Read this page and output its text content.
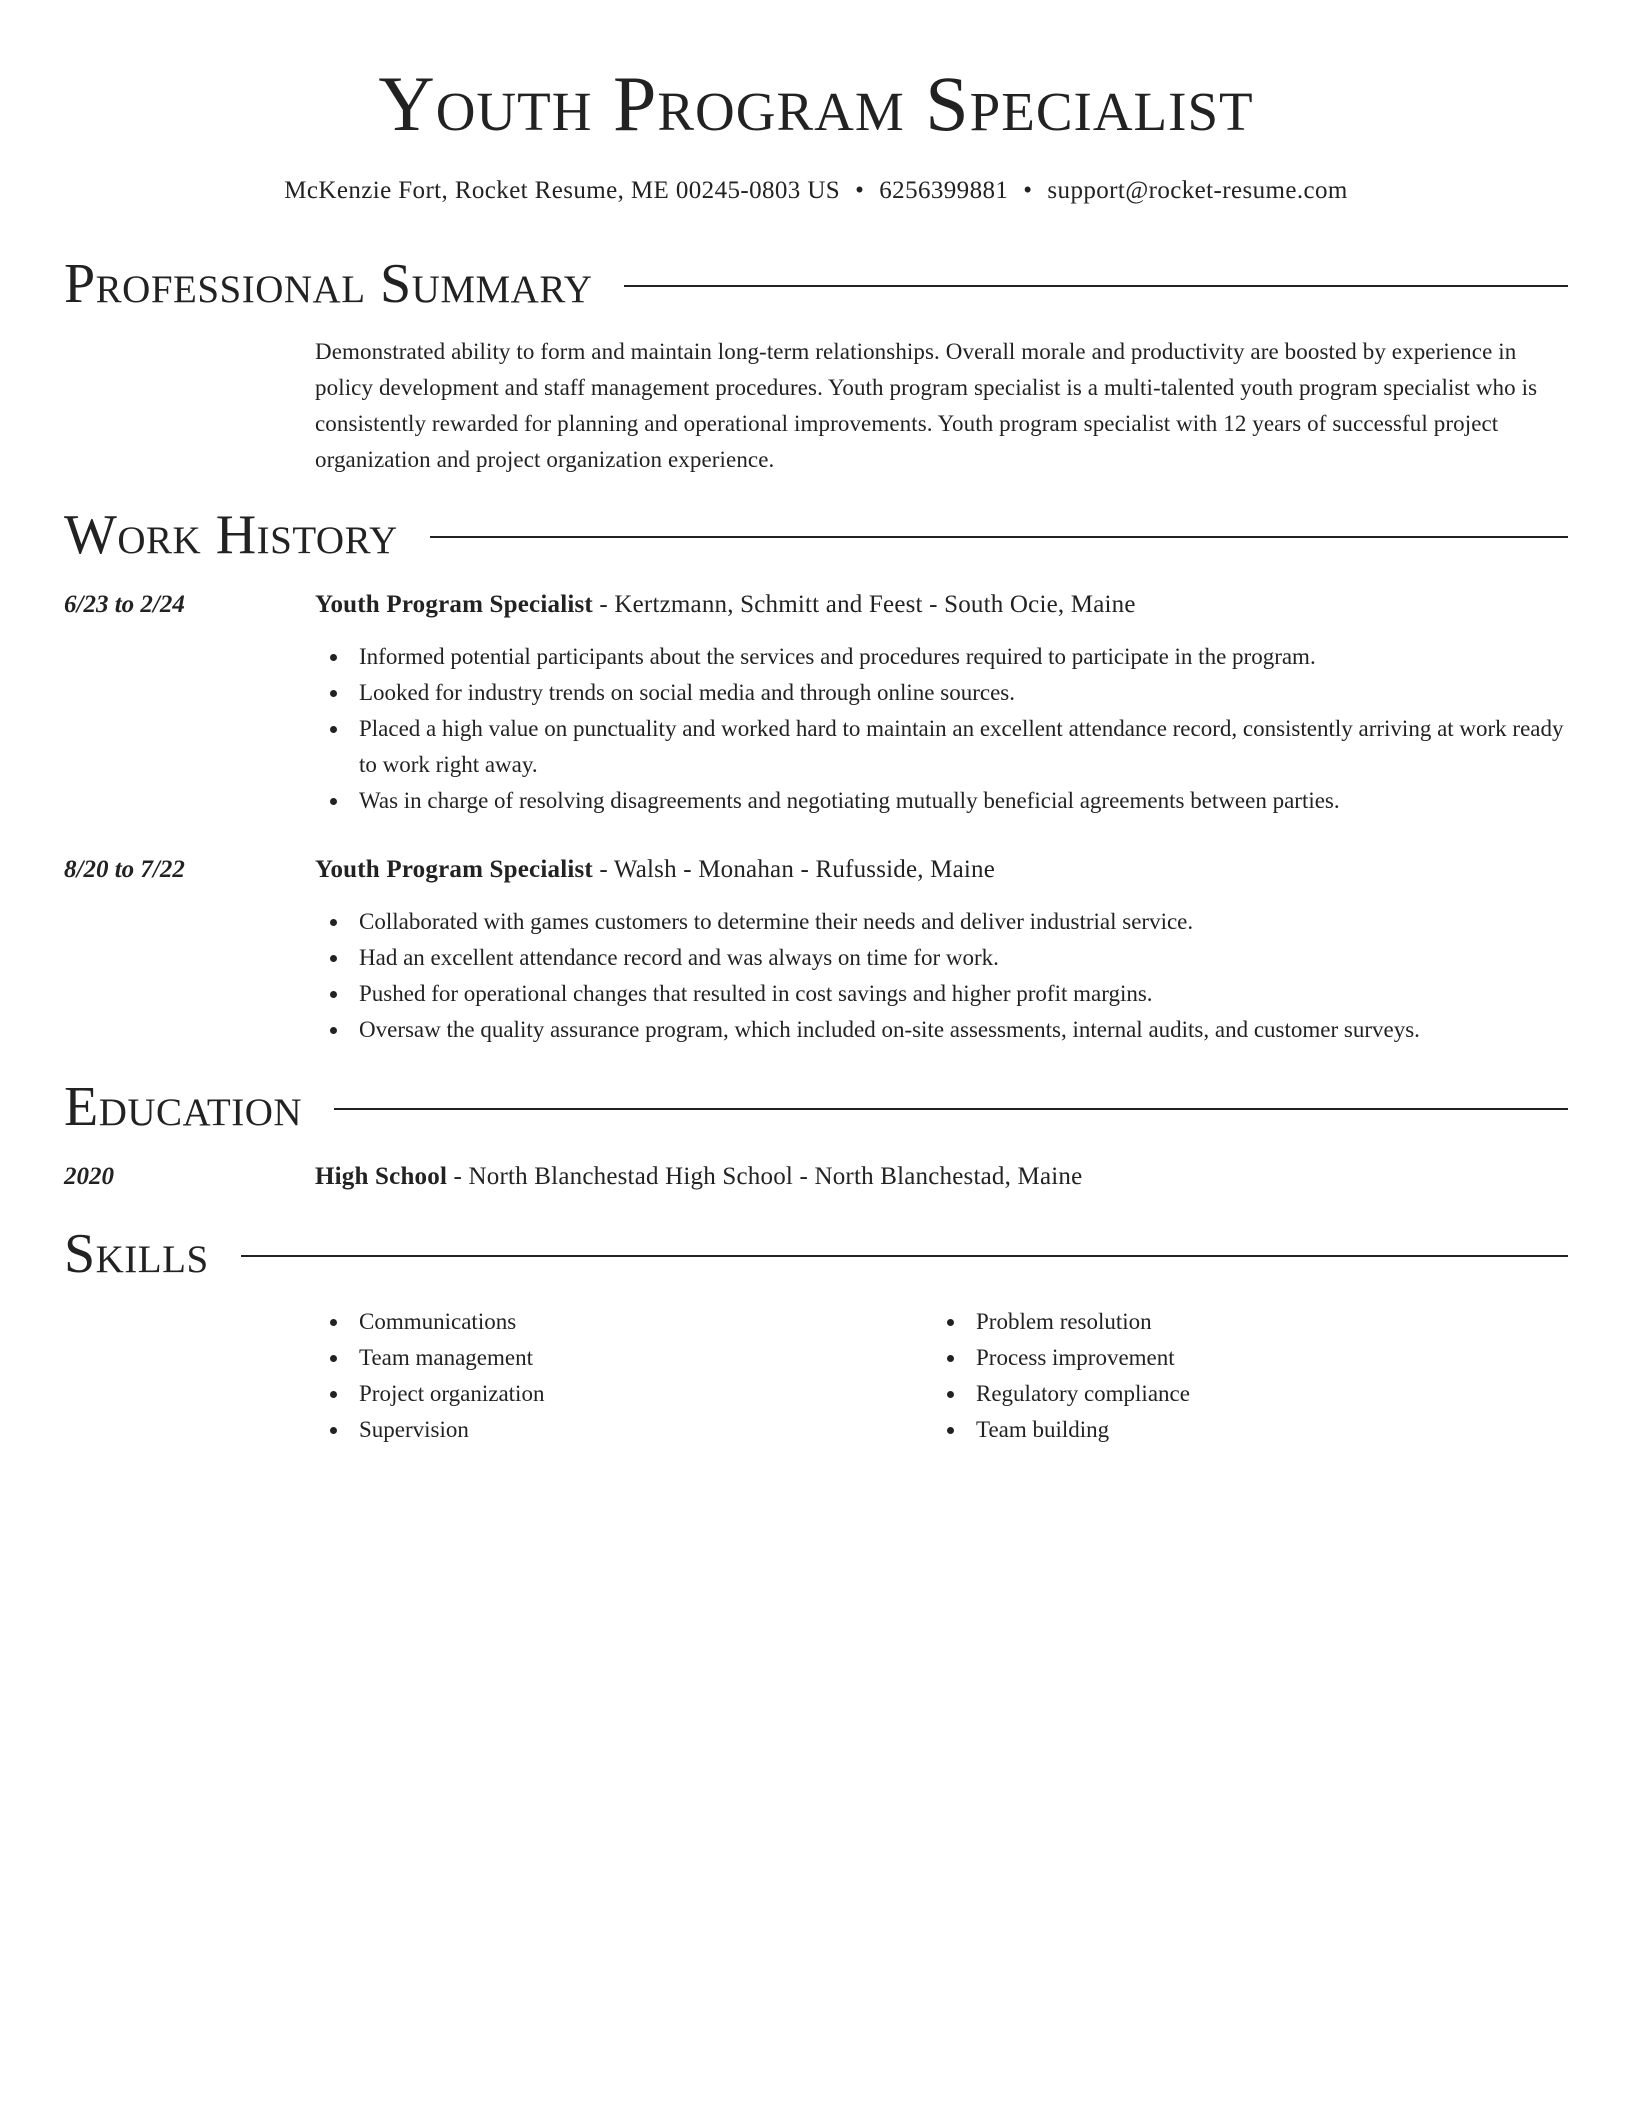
Youth Program Specialist
McKenzie Fort, Rocket Resume, ME 00245-0803 US • 6256399881 • support@rocket-resume.com
Professional Summary
Demonstrated ability to form and maintain long-term relationships. Overall morale and productivity are boosted by experience in policy development and staff management procedures. Youth program specialist is a multi-talented youth program specialist who is consistently rewarded for planning and operational improvements. Youth program specialist with 12 years of successful project organization and project organization experience.
Work History
6/23 to 2/24	Youth Program Specialist - Kertzmann, Schmitt and Feest - South Ocie, Maine
Informed potential participants about the services and procedures required to participate in the program.
Looked for industry trends on social media and through online sources.
Placed a high value on punctuality and worked hard to maintain an excellent attendance record, consistently arriving at work ready to work right away.
Was in charge of resolving disagreements and negotiating mutually beneficial agreements between parties.
8/20 to 7/22	Youth Program Specialist - Walsh - Monahan - Rufusside, Maine
Collaborated with games customers to determine their needs and deliver industrial service.
Had an excellent attendance record and was always on time for work.
Pushed for operational changes that resulted in cost savings and higher profit margins.
Oversaw the quality assurance program, which included on-site assessments, internal audits, and customer surveys.
Education
2020	High School - North Blanchestad High School - North Blanchestad, Maine
Skills
Communications
Team management
Project organization
Supervision
Problem resolution
Process improvement
Regulatory compliance
Team building
